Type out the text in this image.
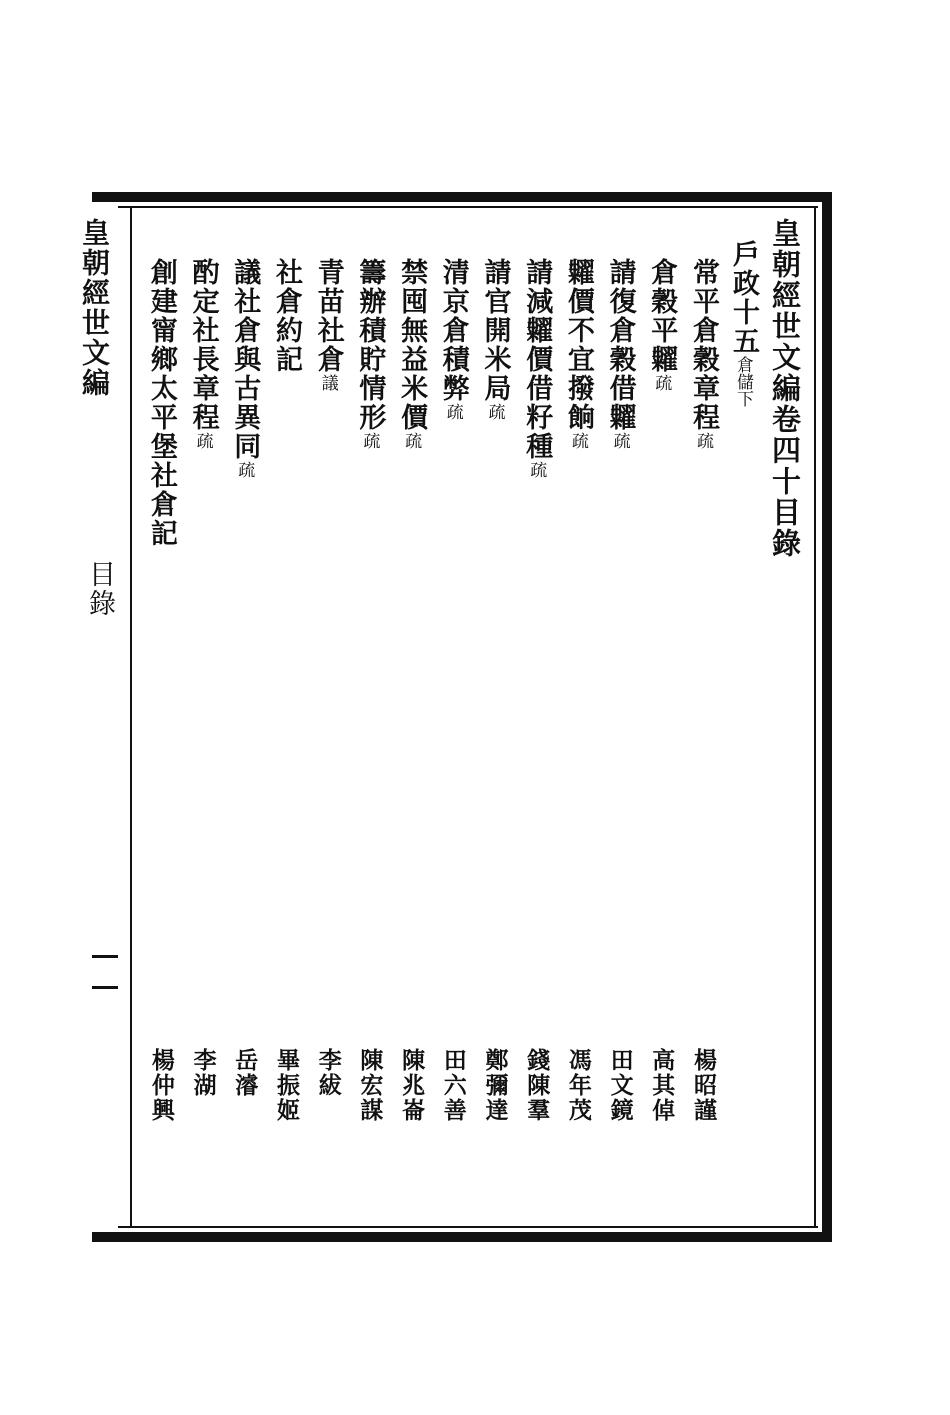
皇朝經世文編
目錄
皇朝經世文編卷四十目錄
戶政十五倉儲下
常平倉穀章程疏
楊昭謹
倉穀平糶疏
高其倬
請復倉穀借糶疏
田文鏡
糶價不宜撥餉疏
馮年茂
請減糶價借籽種疏
錢陳羣
請官開米局疏
鄭彌達
清京倉積弊疏
田六善
禁囤無益米價疏
陳兆崙
籌辦積貯情形疏
陳宏謀
青苗社倉議
李紱
社倉約記
畢振姬
議社倉與古異同疏
岳濬
酌定社長章程疏
李湖
創建甯鄉太平堡社倉記
楊仲興
